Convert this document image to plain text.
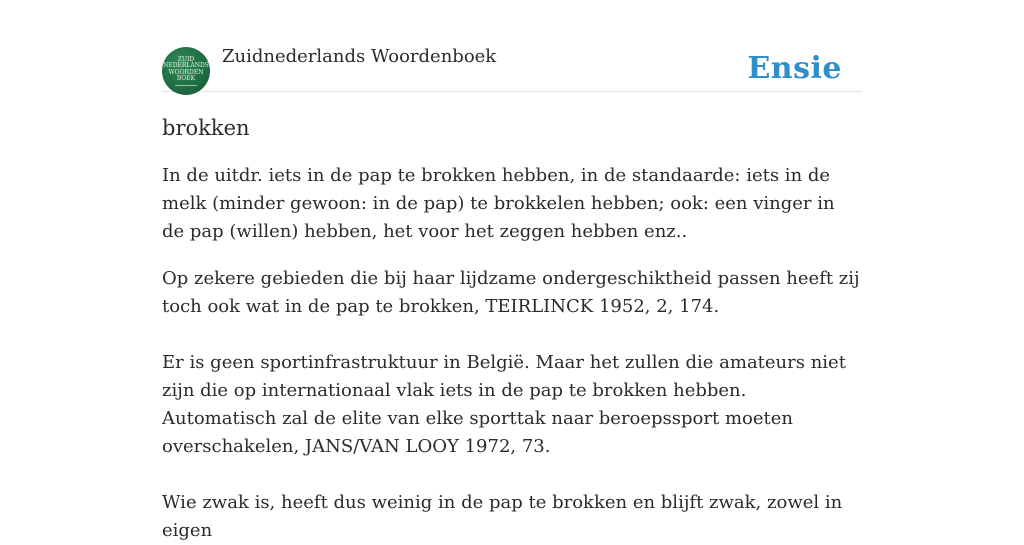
ZUID
NEDERLANDS
WOORDEN
BOEK
Zuidnederlands Woordenboek	Ensie
brokken

In de uitdr. iets in de pap te brokken hebben, in de standaarde: iets in de melk (minder gewoon: in de pap) te brokkelen hebben; ook: een vinger in de pap (willen) hebben, het voor het zeggen hebben enz..

Op zekere gebieden die bij haar lijdzame ondergeschiktheid passen heeft zij toch ook wat in de pap te brokken, TEIRLINCK 1952, 2, 174.

Er is geen sportinfrastruktuur in België. Maar het zullen die amateurs niet zijn die op internationaal vlak iets in de pap te brokken hebben. Automatisch zal de elite van elke sporttak naar beroepssport moeten overschakelen, JANS/VAN LOOY 1972, 73.

Wie zwak is, heeft dus weinig in de pap te brokken en blijft zwak, zowel in eigen
